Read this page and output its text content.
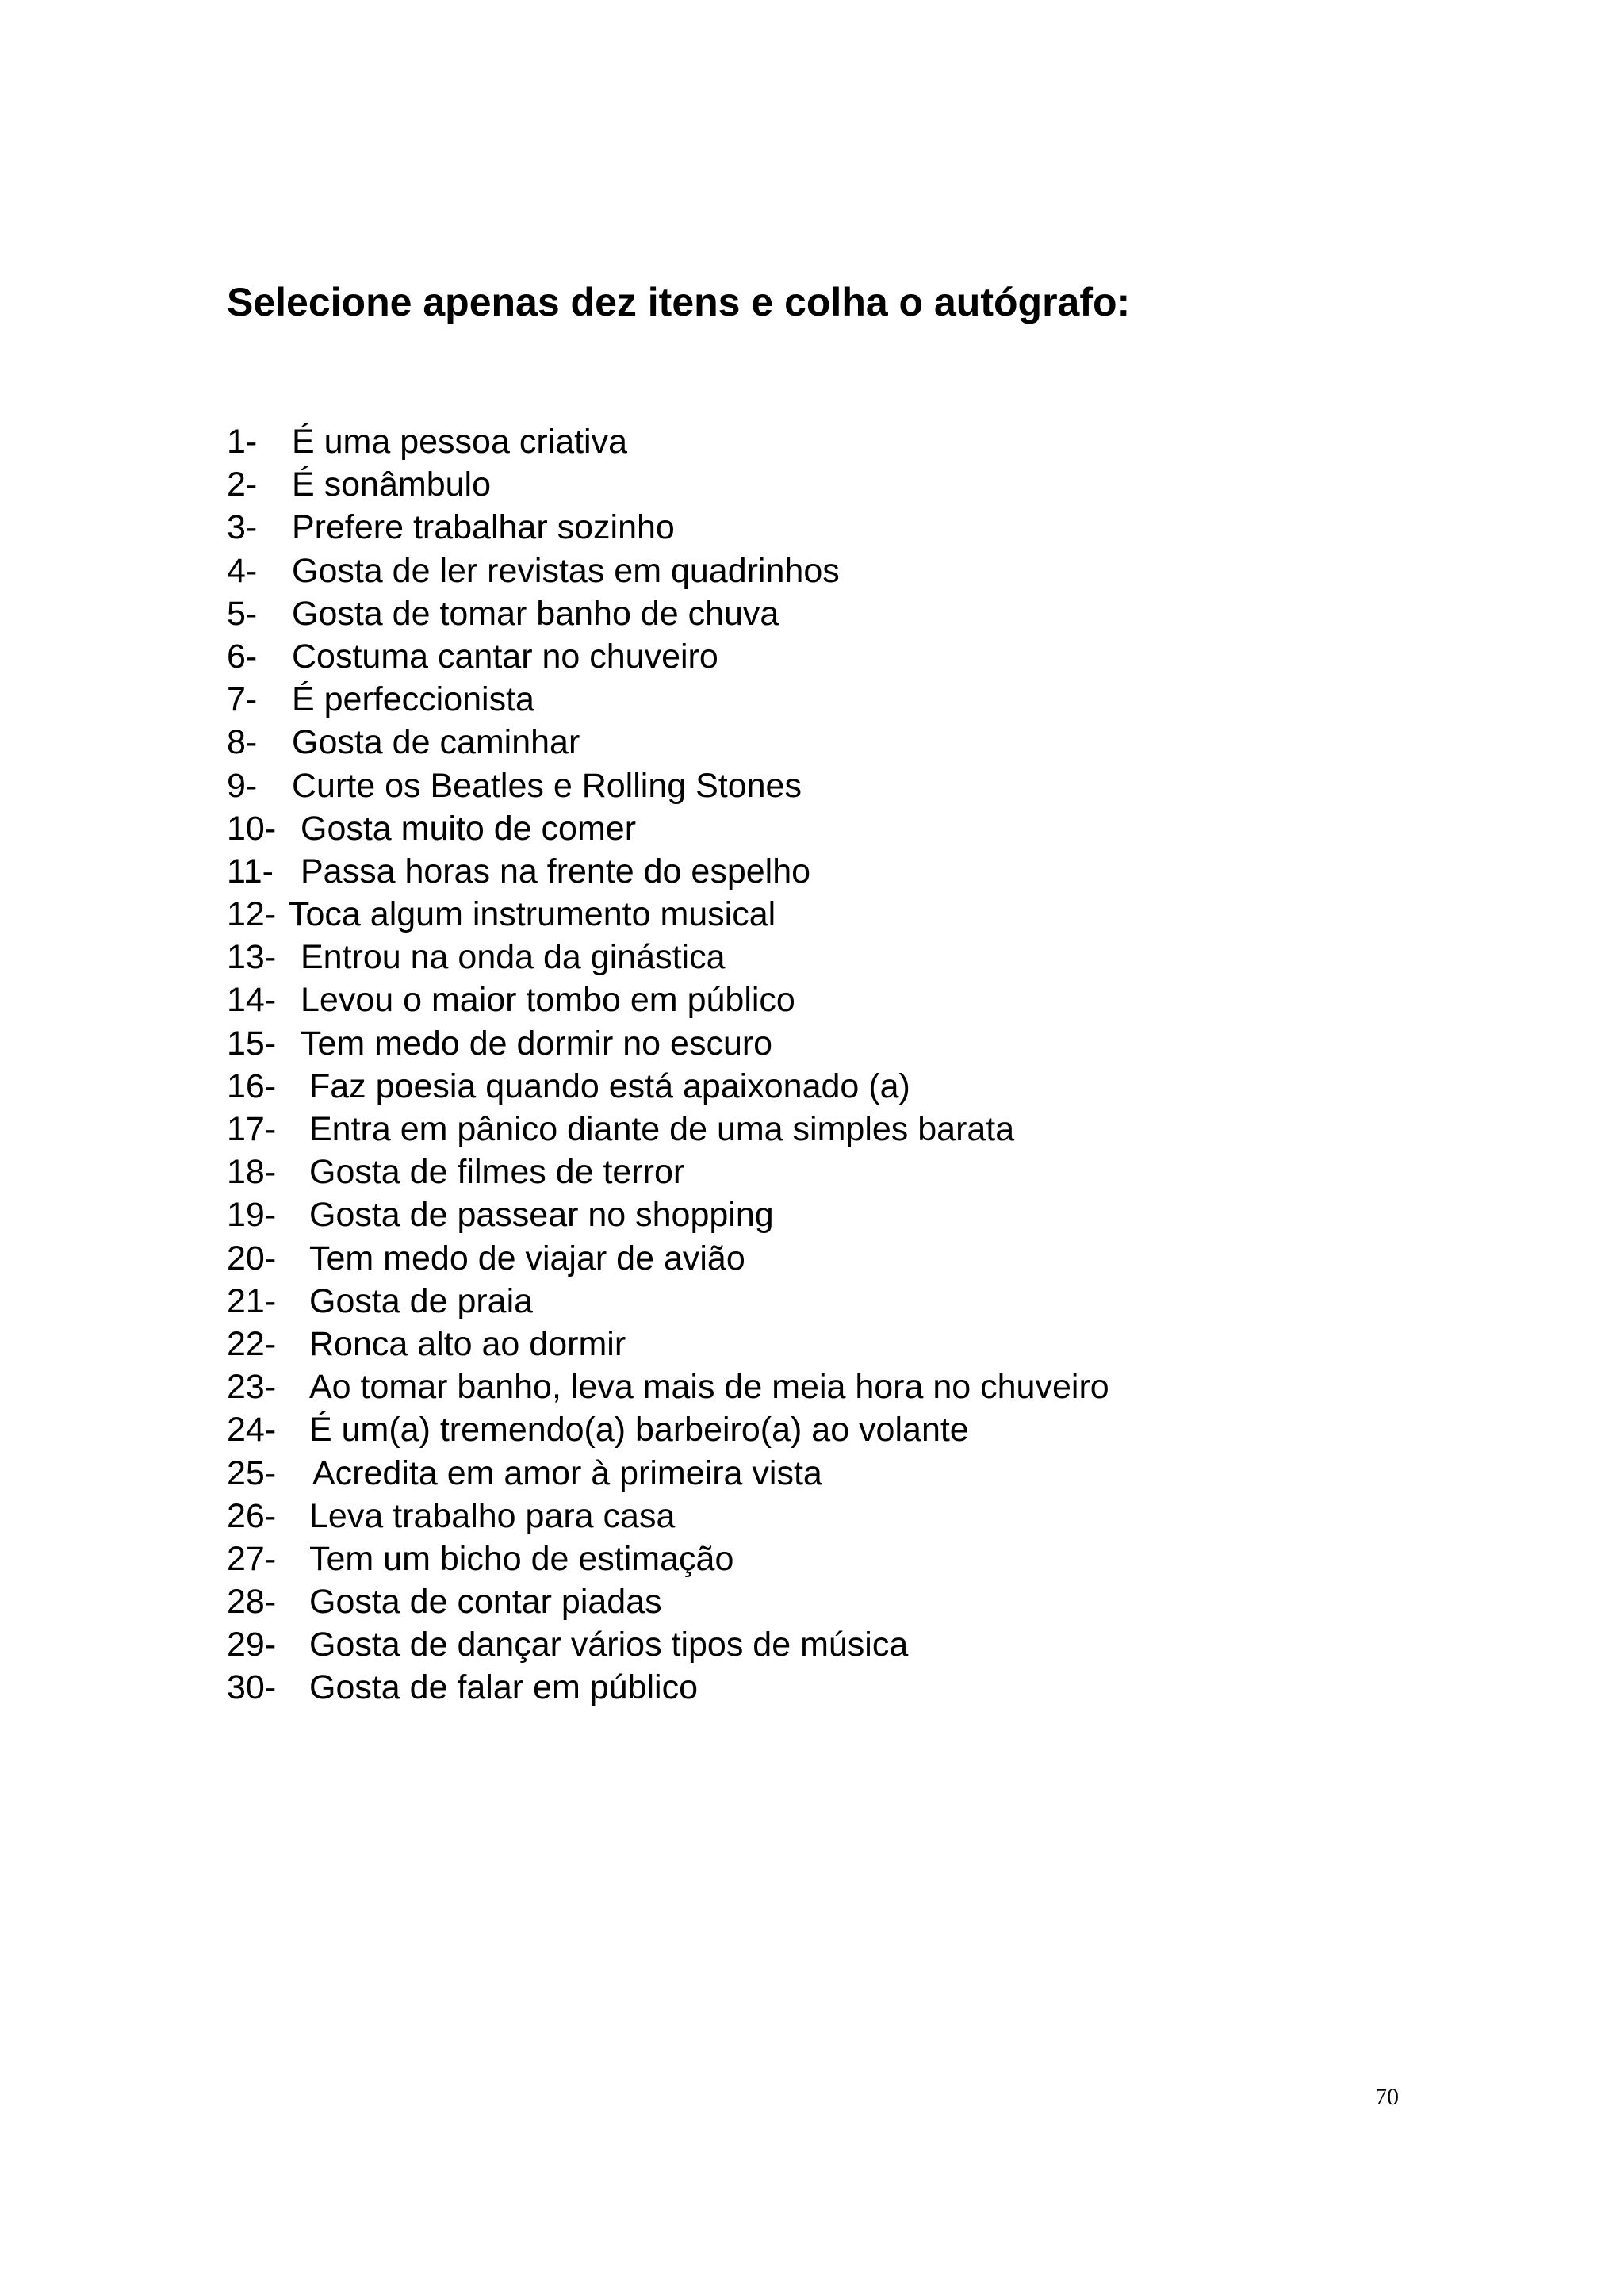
Selecione apenas dez itens e colha o autógrafo:
1- É uma pessoa criativa
2- É sonâmbulo
3- Prefere trabalhar sozinho
4- Gosta de ler revistas em quadrinhos
5- Gosta de tomar banho de chuva
6- Costuma cantar no chuveiro
7- É perfeccionista
8- Gosta de caminhar
9- Curte os Beatles e Rolling Stones
10- Gosta muito de comer
11- Passa horas na frente do espelho
12- Toca algum instrumento musical
13- Entrou na onda da ginástica
14- Levou o maior tombo em público
15- Tem medo de dormir no escuro
16- Faz poesia quando está apaixonado (a)
17- Entra em pânico diante de uma simples barata
18- Gosta de filmes de terror
19- Gosta de passear no shopping
20- Tem medo de viajar de avião
21- Gosta de praia
22- Ronca alto ao dormir
23- Ao tomar banho, leva mais de meia hora no chuveiro
24- É um(a) tremendo(a) barbeiro(a) ao volante
25- Acredita em amor à primeira vista
26- Leva trabalho para casa
27- Tem um bicho de estimação
28- Gosta de contar piadas
29- Gosta de dançar vários tipos de música
30- Gosta de falar em público
70
